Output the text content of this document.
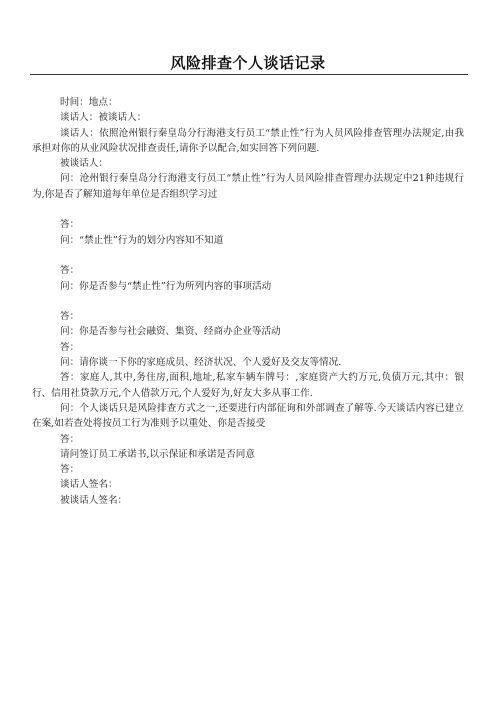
风险排查个人谈话记录

时间：地点：

谈话人：被谈话人：

谈话人：依照沧州银行秦皇岛分行海港支行员工“禁止性”行为人员风险排查管理办法规定,由我承担对你的从业风险状况排查责任,请你予以配合,如实回答下列问题.

被谈话人：

问：沧州银行秦皇岛分行海港支行员工“禁止性”行为人员风险排查管理办法规定中21种违规行为,你是否了解知道每年单位是否组织学习过

答：

问：“禁止性”行为的划分内容知不知道

答：

问：你是否参与“禁止性”行为所列内容的事项活动

答：

问：你是否参与社会融资、集资、经商办企业等活动

答：

问：请你谈一下你的家庭成员、经济状况、个人爱好及交友等情况.

答：家庭人,其中,务住房,面积,地址,私家车辆车牌号：,家庭资产大约万元,负债万元,其中：银行、信用社贷款万元,个人借款万元,个人爱好为,好友大多从事工作.

问：个人谈话只是风险排查方式之一,还要进行内部征询和外部调查了解等.今天谈话内容已建立在案,如若查处将按员工行为准则予以重处、你是否接受

答：

请问签订员工承诺书,以示保证和承诺是否同意

答：

谈话人签名：

被谈话人签名：
